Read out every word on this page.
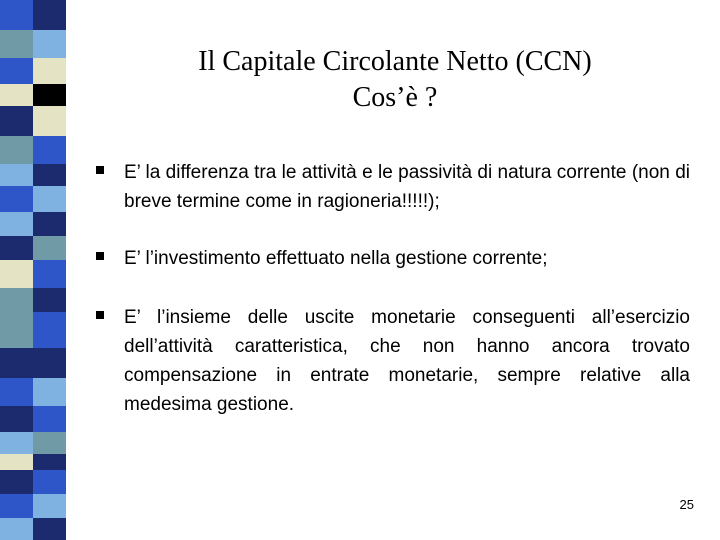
Il Capitale Circolante Netto (CCN)
Cos’è ?
E’ la differenza tra le attività e le passività di natura corrente (non di breve termine come in ragioneria!!!!!);
E’ l’investimento effettuato nella gestione corrente;
E’ l’insieme delle uscite monetarie conseguenti all’esercizio dell’attività caratteristica, che non hanno ancora trovato compensazione in entrate monetarie, sempre relative alla medesima gestione.
25
